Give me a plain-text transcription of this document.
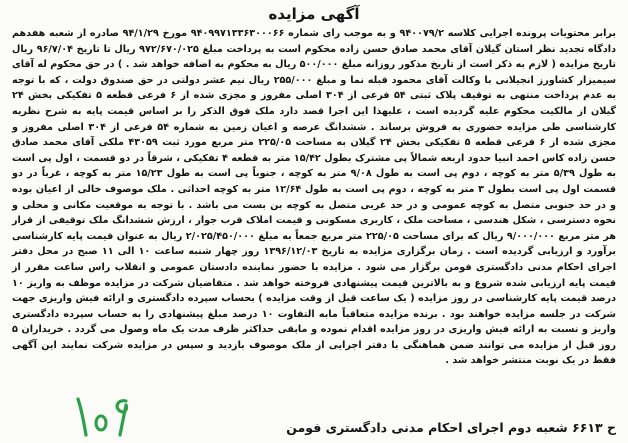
آگهی مزایده

برابر محتویات پرونده اجرایی کلاسه ۹۴۰۰۷۹/۲ و به موجب رای شماره ۹۴۰۹۹۷۱۳۳۶۳۰۰۰۶۶ مورخ ۹۴/۱/۲۹ صادره از شعبه هفدهم دادگاه تجدید نظر استان گیلان آقای محمد صادق حسن زاده محکوم است به پرداخت مبلغ ۹۷۲/۶۷۰/۰۲۵ ریال تا تاریخ ۹۶/۷/۰۴ ریال تاریخ مزایده ( لازم به ذکر است از تاریخ مذکور روزانه مبلغ ۵۰۰/۰۰۰ ریال به محکوم به اضافه خواهد شد . ) در حق محکوم له آقای سیمیزار کشاورز انجیلانی با وکالت آقای محمود قبله نما و مبلغ ۲۵۵/۰۰۰ ریال نیم عشر دولتی در حق صندوق دولت ، که با توجه به عدم پرداخت منتهی به توقیف پلاک ثبتی ۵۴ فرعی از ۳۰۴ اصلی مفروز و مجزی شده از ۶ فرعی قطعه ۵ تفکیکی بخش ۲۴ گیلان از مالکیت محکوم علیه گردیده است ، علیهذا این اجرا قصد دارد ملک فوق الذکر را بر اساس قیمت پایه به شرح نظریه کارشناسی طی مزایده حضوری به فروش برساند . ششدانگ عرصه و اعیان زمین به شماره ۵۴ فرعی از ۳۰۴ اصلی مفروز و مجزی شده از ۶ فرعی قطعه ۵ تفکیکی بخش ۲۴ گیلان به مساحت ۲۲۵/۰۵ متر مربع مورد ثبت ۴۳۰۵۹ ملکی آقای محمد صادق حسن زاده کاس احمد انبیا حدود اربعه شمالاً پی مشترک بطول ۱۵/۴۲ متر به قطعه ۴ تفکیکی ، شرقاً در دو قسمت ، اول پی است به طول ۵/۳۹ متر به کوچه ، دوم پی است به طول ۹/۰۸ متر به کوچه ، جنوباً پی است به طول ۱۵/۲۳ متر به کوچه ، غرباً در دو قسمت اول پی است بطول ۳ متر به کوچه ، دوم پی است به طول ۱۲/۶۴ متر به کوچه احداثی . ملک موصوف خالی از اعیان بوده و در حد جنوبی متصل به کوچه عمومی و در حد غربی متصل به کوچه بن بست می باشد . با توجه به موقعیت مکانی و محلی و نحوه دسترسی ، شکل هندسی ، مساحت ملک ، کاربری مسکونی و قیمت املاک قرب جوار ، ارزش ششدانگ ملک توقیفی از قرار هر متر مربع ۹/۰۰۰/۰۰۰ ریال که برای مساحت ۲۲۵/۰۵ متر مربع جمعاً به مبلغ ۲/۰۲۵/۴۵۰/۰۰۰ ریال به عنوان قیمت پایه کارشناسی برآورد و ارزیابی گردیده است . زمان برگزاری مزایده به تاریخ ۱۳۹۶/۱۲/۰۳ روز چهار شنبه ساعت ۱۰ الی ۱۱ صبح در محل دفتر اجرای احکام مدنی دادگستری فومن برگزار می شود . مزایده با حضور نماینده دادستان عمومی و انقلاب راس ساعت مقرر از قیمت پایه ارزیابی شده شروع و به بالاترین قیمت پیشنهادی فروخته خواهد شد . متقاضیان شرکت در مزایده موظف به واریز ۱۰ درصد قیمت پایه کارشناسی در روز مزایده ( یک ساعت قبل از وقت مزایده ) بحساب سپرده دادگستری و ارائه فیش واریزی جهت شرکت در جلسه مزایده خواهند بود . برنده مزایده متعاقباً مابه التفاوت ۱۰ درصد مبلغ پیشنهادی را به حساب سپرده دادگستری واریز و نسبت به ارائه فیش واریزی در روز مزایده اقدام نموده و مابقی حداکثر ظرف مدت یک ماه وصول می گردد . خریداران ۵ روز قبل از مزایده می توانند ضمن هماهنگی با دفتر اجرایی از ملک موصوف بازدید و سپس در مزایده شرکت نمایند این آگهی فقط در یک نوبت منتشر خواهد شد .

ح ۶۶۱۳ شعبه دوم اجرای احکام مدنی دادگستری فومن
